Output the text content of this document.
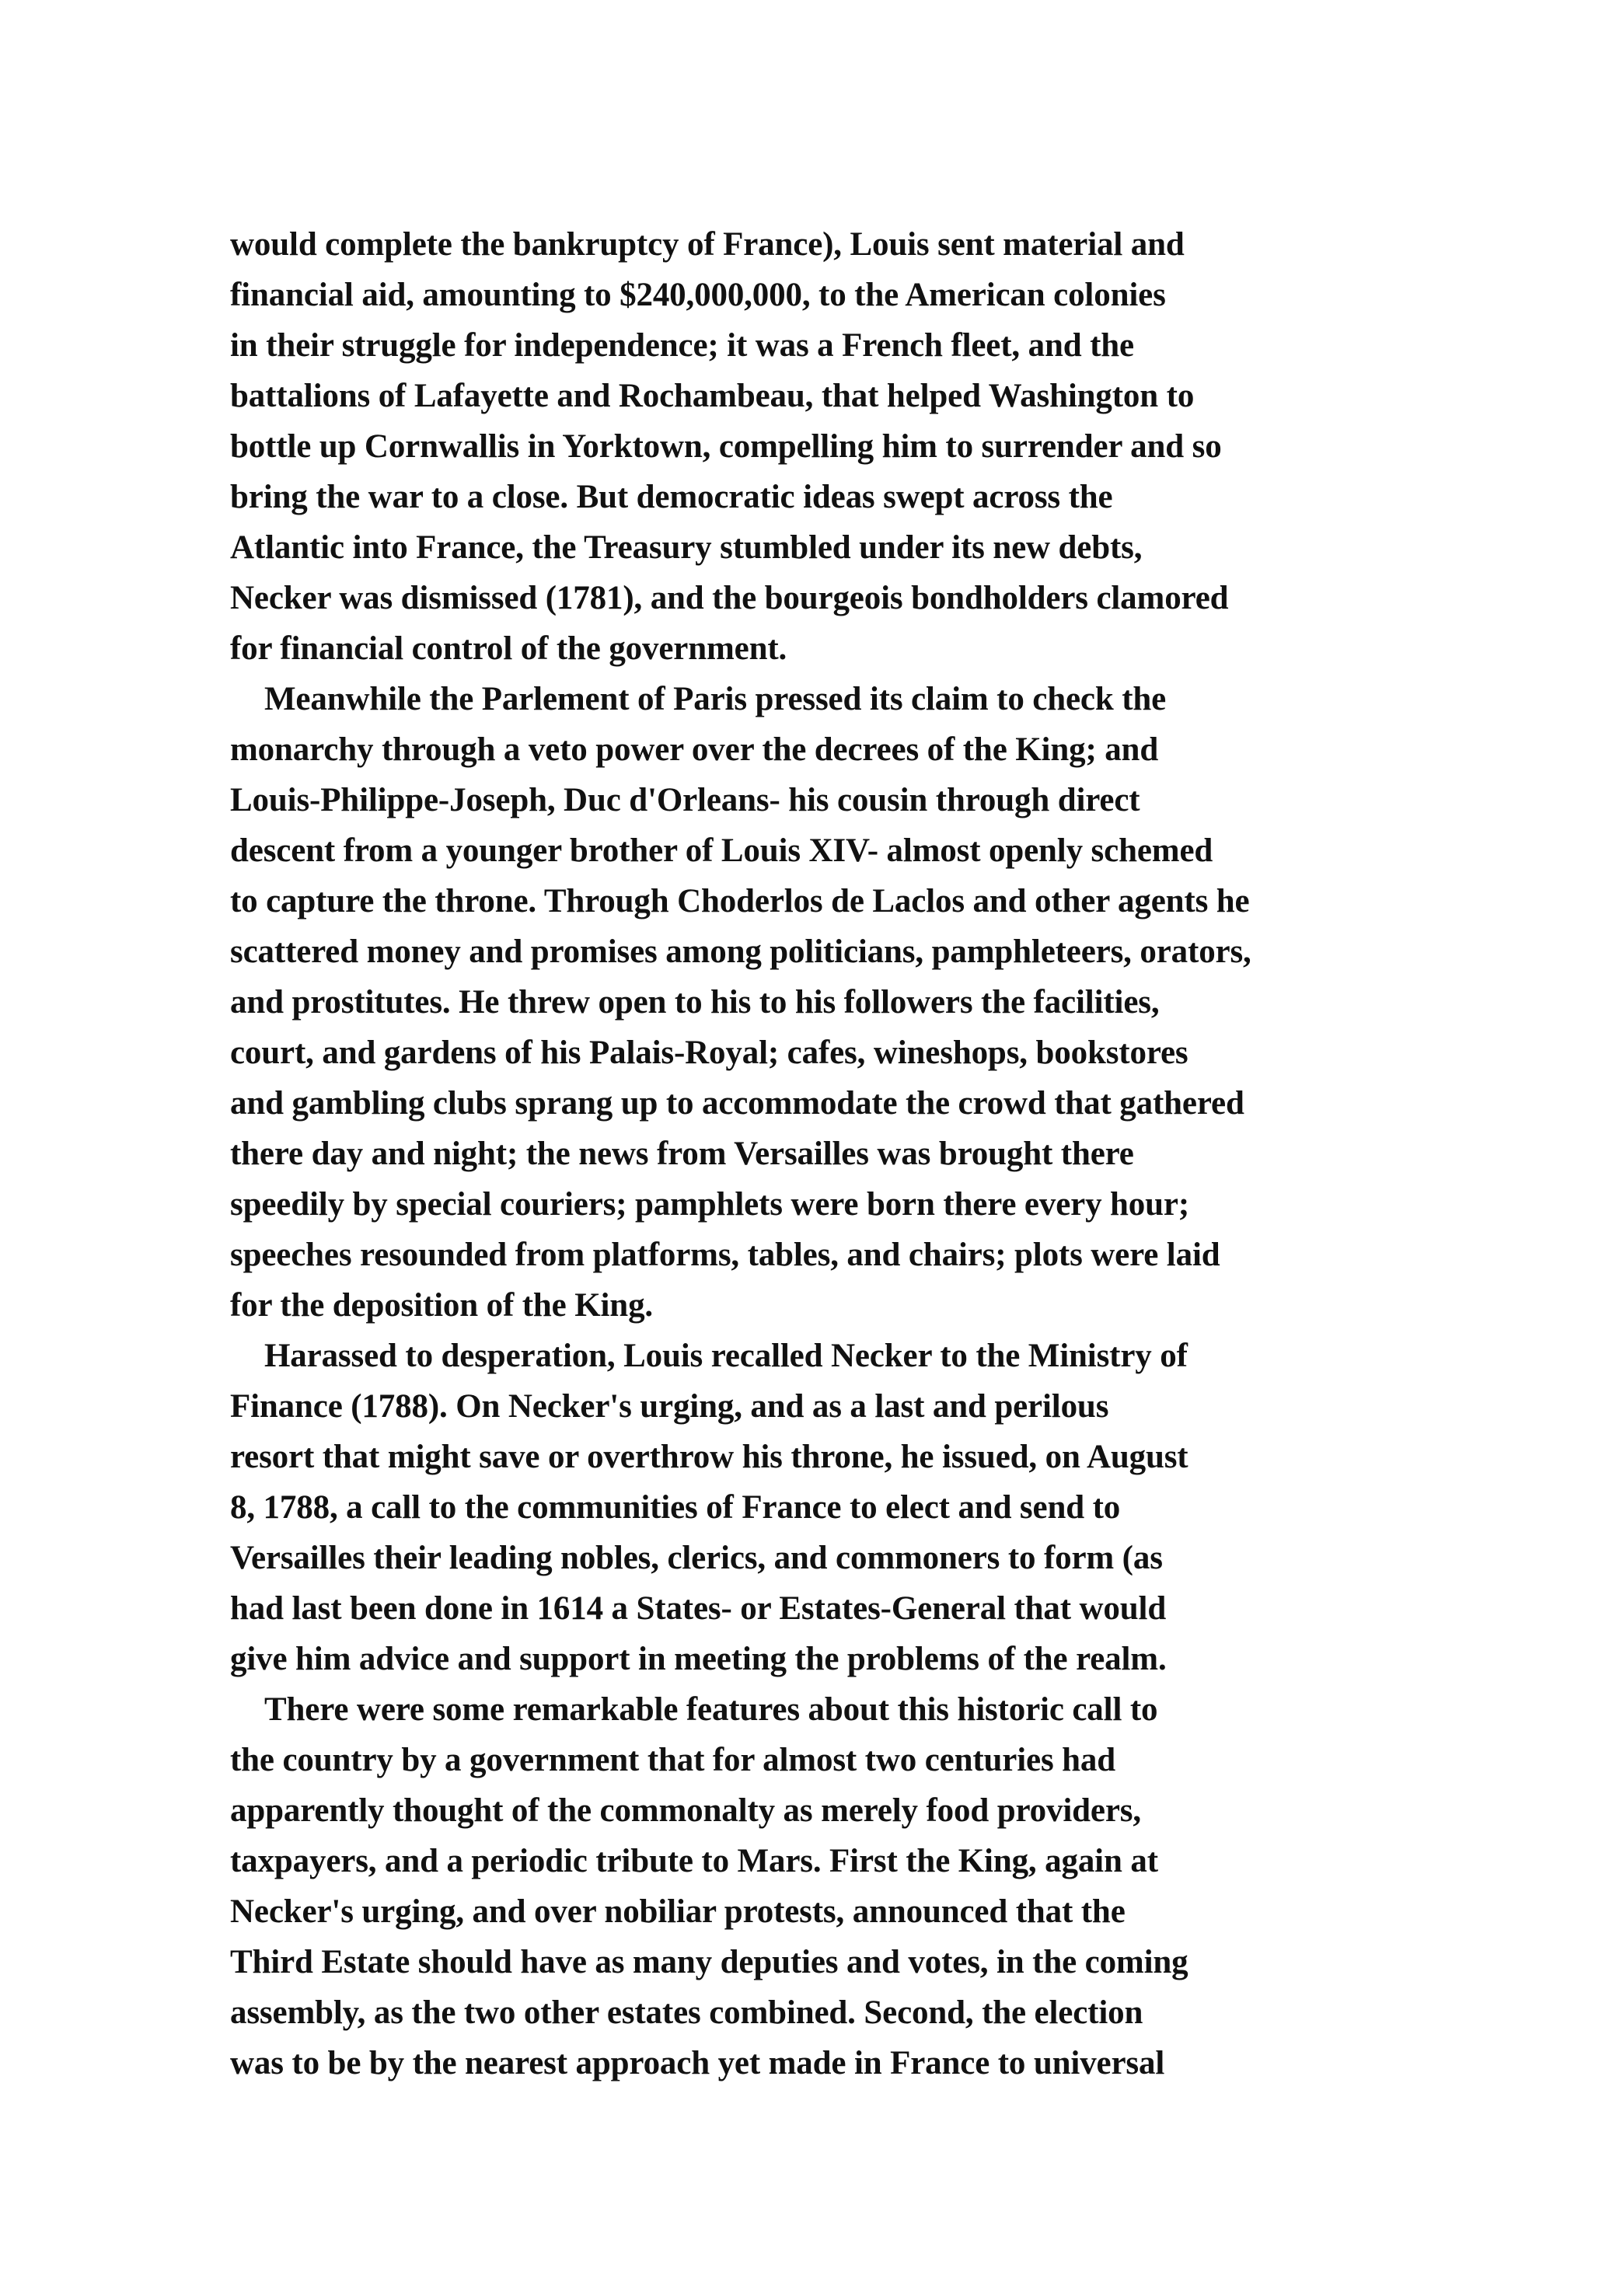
would complete the bankruptcy of France), Louis sent material and
financial aid, amounting to $240,000,000, to the American colonies
in their struggle for independence; it was a French fleet, and the
battalions of Lafayette and Rochambeau, that helped Washington to
bottle up Cornwallis in Yorktown, compelling him to surrender and so
bring the war to a close. But democratic ideas swept across the
Atlantic into France, the Treasury stumbled under its new debts,
Necker was dismissed (1781), and the bourgeois bondholders clamored
for financial control of the government.
Meanwhile the Parlement of Paris pressed its claim to check the
monarchy through a veto power over the decrees of the King; and
Louis-Philippe-Joseph, Duc d'Orleans- his cousin through direct
descent from a younger brother of Louis XIV- almost openly schemed
to capture the throne. Through Choderlos de Laclos and other agents he
scattered money and promises among politicians, pamphleteers, orators,
and prostitutes. He threw open to his to his followers the facilities,
court, and gardens of his Palais-Royal; cafes, wineshops, bookstores
and gambling clubs sprang up to accommodate the crowd that gathered
there day and night; the news from Versailles was brought there
speedily by special couriers; pamphlets were born there every hour;
speeches resounded from platforms, tables, and chairs; plots were laid
for the deposition of the King.
Harassed to desperation, Louis recalled Necker to the Ministry of
Finance (1788). On Necker's urging, and as a last and perilous
resort that might save or overthrow his throne, he issued, on August
8, 1788, a call to the communities of France to elect and send to
Versailles their leading nobles, clerics, and commoners to form (as
had last been done in 1614 a States- or Estates-General that would
give him advice and support in meeting the problems of the realm.
There were some remarkable features about this historic call to
the country by a government that for almost two centuries had
apparently thought of the commonalty as merely food providers,
taxpayers, and a periodic tribute to Mars. First the King, again at
Necker's urging, and over nobiliar protests, announced that the
Third Estate should have as many deputies and votes, in the coming
assembly, as the two other estates combined. Second, the election
was to be by the nearest approach yet made in France to universal
